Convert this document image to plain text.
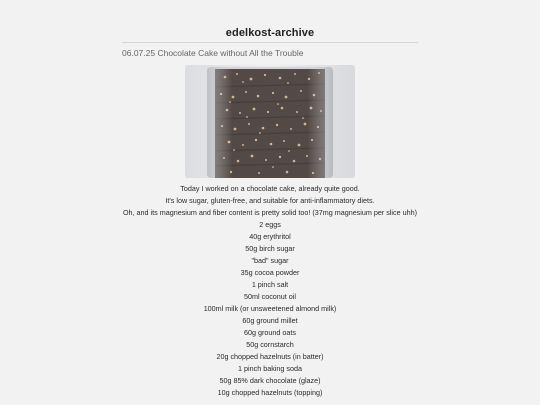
edelkost-archive
06.07.25 Chocolate Cake without All the Trouble
Today I worked on a chocolate cake, already quite good.
It's low sugar, gluten-free, and suitable for anti-inflammatory diets.
Oh, and its magnesium and fiber content is pretty solid too! (37mg magnesium per slice uhh)
2 eggs
40g erythritol
50g birch sugar
"bad" sugar
35g cocoa powder
1 pinch salt
50ml coconut oil
100ml milk (or unsweetened almond milk)
60g ground millet
60g ground oats
50g cornstarch
20g chopped hazelnuts (in batter)
1 pinch baking soda
50g 85% dark chocolate (glaze)
10g chopped hazelnuts (topping)
